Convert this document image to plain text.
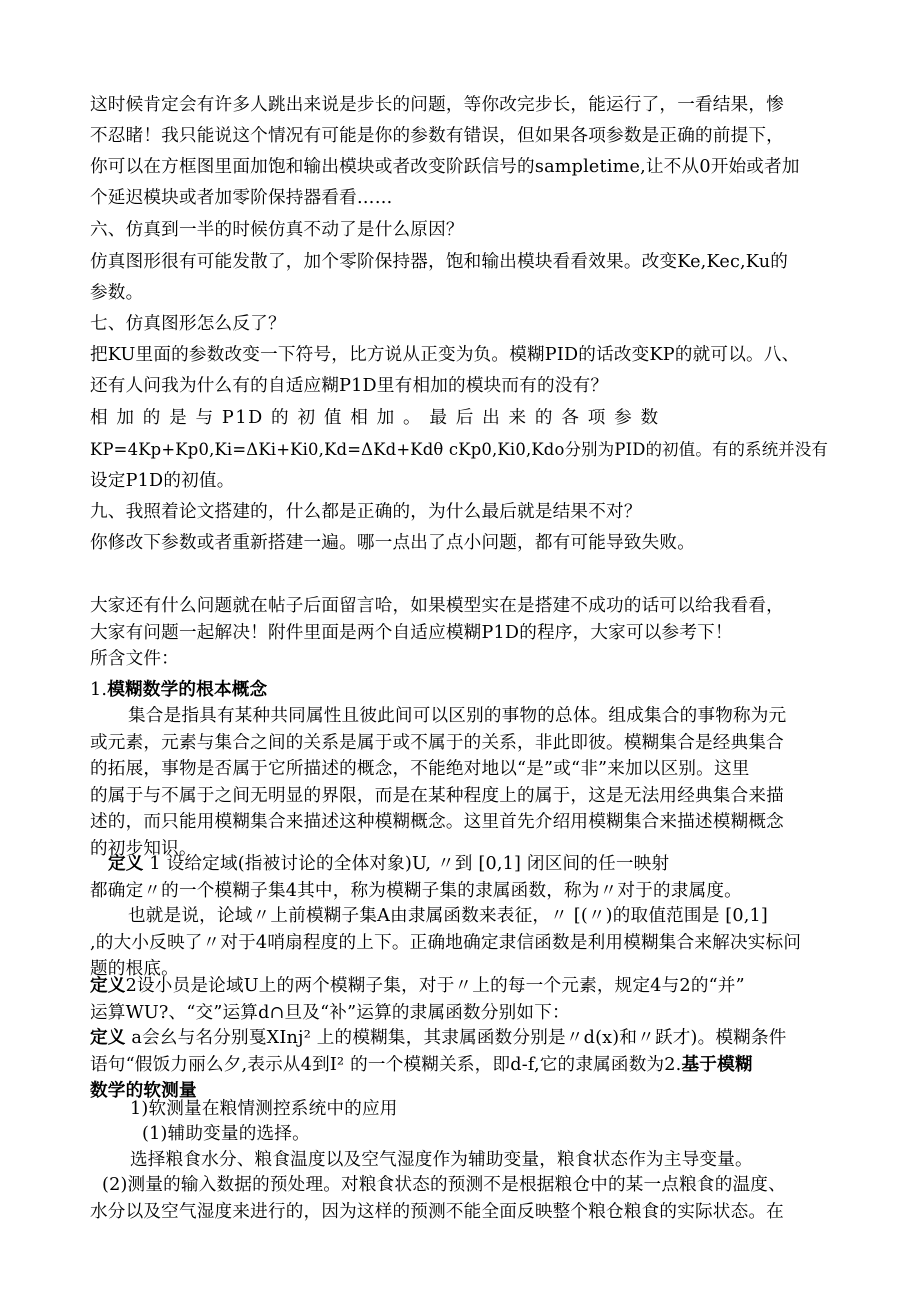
这时候肯定会有许多人跳出来说是步长的问题，等你改完步长，能运行了，一看结果，惨
不忍睹！我只能说这个情况有可能是你的参数有错误，但如果各项参数是正确的前提下，
你可以在方框图里面加饱和输出模块或者改变阶跃信号的sampletime,让不从0开始或者加
个延迟模块或者加零阶保持器看看……

六、仿真到一半的时候仿真不动了是什么原因？

仿真图形很有可能发散了，加个零阶保持器，饱和输出模块看看效果。改变Ke,Kec,Ku的
参数。

七、仿真图形怎么反了？

把KU里面的参数改变一下符号，比方说从正变为负。模糊PID的话改变KP的就可以。八、
还有人问我为什么有的自适应糊P1D里有相加的模块而有的没有？

相 加 的 是 与 P1D 的 初 值 相 加 。 最 后 出 来 的 各 项 参 数
KP=4Kp+Kp0,Ki=ΔKi+Ki0,Kd=ΔKd+Kdθ cKp0,Ki0,Kdo分别为PID的初值。有的系统并没有
设定P1D的初值。

九、我照着论文搭建的，什么都是正确的，为什么最后就是结果不对？

你修改下参数或者重新搭建一遍。哪一点出了点小问题，都有可能导致失败。

大家还有什么问题就在帖子后面留言哈，如果模型实在是搭建不成功的话可以给我看看，
大家有问题一起解决！附件里面是两个自适应模糊P1D的程序，大家可以参考下！
所含文件：

1.模糊数学的根本概念

集合是指具有某种共同属性且彼此间可以区别的事物的总体。组成集合的事物称为元
或元素，元素与集合之间的关系是属于或不属于的关系，非此即彼。模糊集合是经典集合
的拓展，事物是否属于它所描述的概念，不能绝对地以“是”或“非”来加以区别。这里
的属于与不属于之间无明显的界限，而是在某种程度上的属于，这是无法用经典集合来描
述的，而只能用模糊集合来描述这种模糊概念。这里首先介绍用模糊集合来描述模糊概念
的初步知识。

定义 1 设给定域(指被讨论的全体对象)U, 〃到 [0,1] 闭区间的任一映射
都确定〃的一个模糊子集4其中，称为模糊子集的隶属函数，称为〃对于的隶属度。

也就是说，论域〃上前模糊子集A由隶属函数来表征，〃 [(〃)的取值范围是 [0,1]
,的大小反映了〃对于4哨扇程度的上下。正确地确定隶信函数是利用模糊集合来解决实标问
题的根底。

定义2设小员是论域U上的两个模糊子集，对于〃上的每一个元素，规定4与2的“并”
运算WU?、“交”运算d∩旦及“补”运算的隶属函数分别如下：

定义 a会幺与名分别戛XInj² 上的模糊集，其隶属函数分别是〃d(x)和〃跃才)。模糊条件
语句“假饭力丽么夕,表示从4到I² 的一个模糊关系，即d-f,它的隶属函数为2.基于模糊
数学的软测量

1)软测量在粮情测控系统中的应用

(1)辅助变量的选择。

选择粮食水分、粮食温度以及空气湿度作为辅助变量，粮食状态作为主导变量。

(2)测量的输入数据的预处理。对粮食状态的预测不是根据粮仓中的某一点粮食的温度、
水分以及空气湿度来进行的，因为这样的预测不能全面反映整个粮仓粮食的实际状态。在
